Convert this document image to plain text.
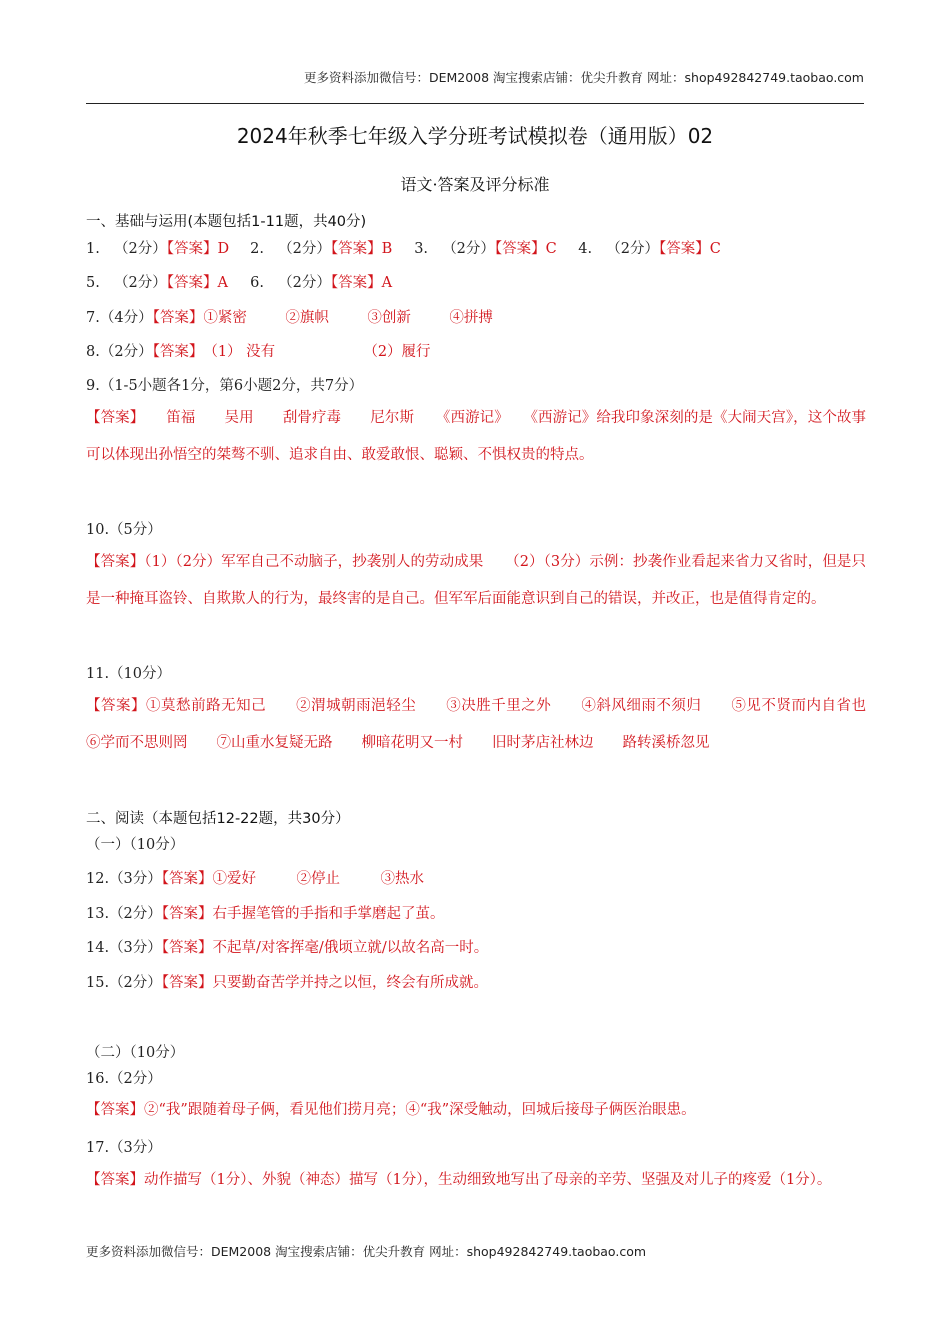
更多资料添加微信号：DEM2008 淘宝搜索店铺：优尖升教育 网址：shop492842749.taobao.com
2024年秋季七年级入学分班考试模拟卷（通用版）02
语文·答案及评分标准
一、基础与运用(本题包括1-11题，共40分)
1. （2分）【答案】D 2. （2分）【答案】B 3. （2分）【答案】C 4. （2分）【答案】C
5. （2分）【答案】A 6. （2分）【答案】A
7.（4分）【答案】①紧密	②旗帜	③创新	④拼搏
8.（2分）【答案】（1） 没有	（2）履行
9.（1-5小题各1分，第6小题2分，共7分）
【答案】　　笛福　　吴用　　刮骨疗毒　　尼尔斯　　《西游记》　　《西游记》给我印象深刻的是《大闹天宫》，这个故事可以体现出孙悟空的桀骜不驯、追求自由、敢爱敢恨、聪颖、不惧权贵的特点。
10.（5分）
【答案】（1）（2分）军军自己不动脑子，抄袭别人的劳动成果　　（2）（3分）示例：抄袭作业看起来省力又省时，但是只是一种掩耳盗铃、自欺欺人的行为，最终害的是自己。但军军后面能意识到自己的错误，并改正，也是值得肯定的。
11.（10分）
【答案】①莫愁前路无知己　　②渭城朝雨浥轻尘　　③决胜千里之外　　④斜风细雨不须归　　⑤见不贤而内自省也　　⑥学而不思则罔　　⑦山重水复疑无路　　柳暗花明又一村　　旧时茅店社林边　　路转溪桥忽见
二、阅读（本题包括12-22题，共30分）
（一）（10分）
12.（3分）【答案】①爱好	②停止	③热水
13.（2分）【答案】右手握笔管的手指和手掌磨起了茧。
14.（3分）【答案】不起草/对客挥毫/俄顷立就/以故名高一时。
15.（2分）【答案】只要勤奋苦学并持之以恒，终会有所成就。
（二）（10分）
16.（2分）
【答案】②“我”跟随着母子俩，看见他们捞月亮；④“我”深受触动，回城后接母子俩医治眼患。
17.（3分）
【答案】动作描写（1分）、外貌（神态）描写（1分），生动细致地写出了母亲的辛劳、坚强及对儿子的疼爱（1分）。
更多资料添加微信号：DEM2008 淘宝搜索店铺：优尖升教育 网址：shop492842749.taobao.com
